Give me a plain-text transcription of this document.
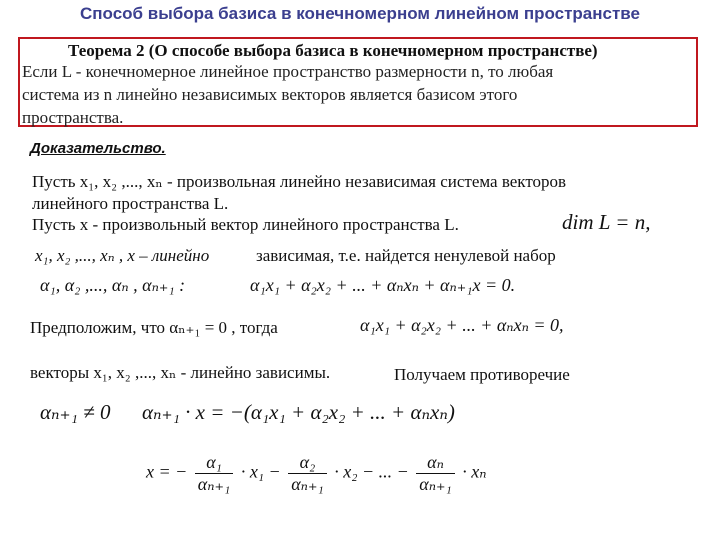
Способ выбора базиса в конечномерном линейном пространстве
Теорема 2 (О способе выбора базиса в конечномерном пространстве)
Если L - конечномерное линейное пространство размерности n, то любая
система из n линейно независимых векторов является базисом этого
пространства.
Доказательство.
Пусть x₁, x₂ ,..., xₙ - произвольная линейно независимая система векторов
линейного пространства L.
Пусть x - произвольный вектор линейного пространства L.	dim L = n,
x₁, x₂ ,..., xₙ , x – линейно	зависимая, т.е. найдется ненулевой набор
α₁, α₂ ,..., αₙ , αₙ₊₁ :	α₁x₁ + α₂x₂ + ... + αₙxₙ + αₙ₊₁x = 0.
Предположим, что αₙ₊₁ = 0 , тогда	α₁x₁ + α₂x₂ + ... + αₙxₙ = 0,
векторы x₁, x₂ ,..., xₙ - линейно зависимы.	Получаем противоречие
αₙ₊₁ ≠ 0 αₙ₊₁ · x = −(α₁x₁ + α₂x₂ + ... + αₙxₙ)
x = − $\frac{\text{α₁}}{\text{αₙ₊₁}} \cdot x_1 - \frac{\text{α₂}}{\text{αₙ₊₁}} \cdot x_2$ − ... − $\frac{\text{αₙ}}{\text{αₙ₊₁}} \cdot x_n$
